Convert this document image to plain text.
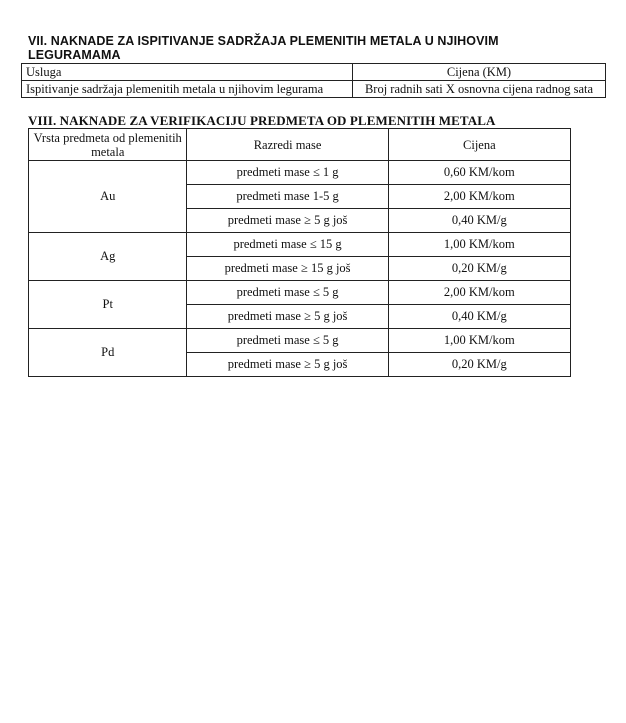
VII. NAKNADE ZA ISPITIVANJE SADRŽAJA PLEMENITIH METALA U NJIHOVIM LEGURAMAMA
Usluga	Cijena (KM)
Ispitivanje sadržaja plemenitih metala u njihovim legurama	Broj radnih sati X osnovna cijena radnog sata
VIII. NAKNADE ZA VERIFIKACIJU PREDMETA OD PLEMENITIH METALA
Vrsta predmeta od plemenitih metala	Razredi mase	Cijena
Au	predmeti mase ≤ 1 g	0,60 KM/kom
	predmeti mase 1-5 g	2,00 KM/kom
	predmeti mase ≥ 5 g još	0,40 KM/g
Ag	predmeti mase ≤ 15 g	1,00 KM/kom
	predmeti mase ≥ 15 g još	0,20 KM/g
Pt	predmeti mase ≤ 5 g	2,00 KM/kom
	predmeti mase ≥ 5 g još	0,40 KM/g
Pd	predmeti mase ≤ 5 g	1,00 KM/kom
	predmeti mase ≥ 5 g još	0,20 KM/g
